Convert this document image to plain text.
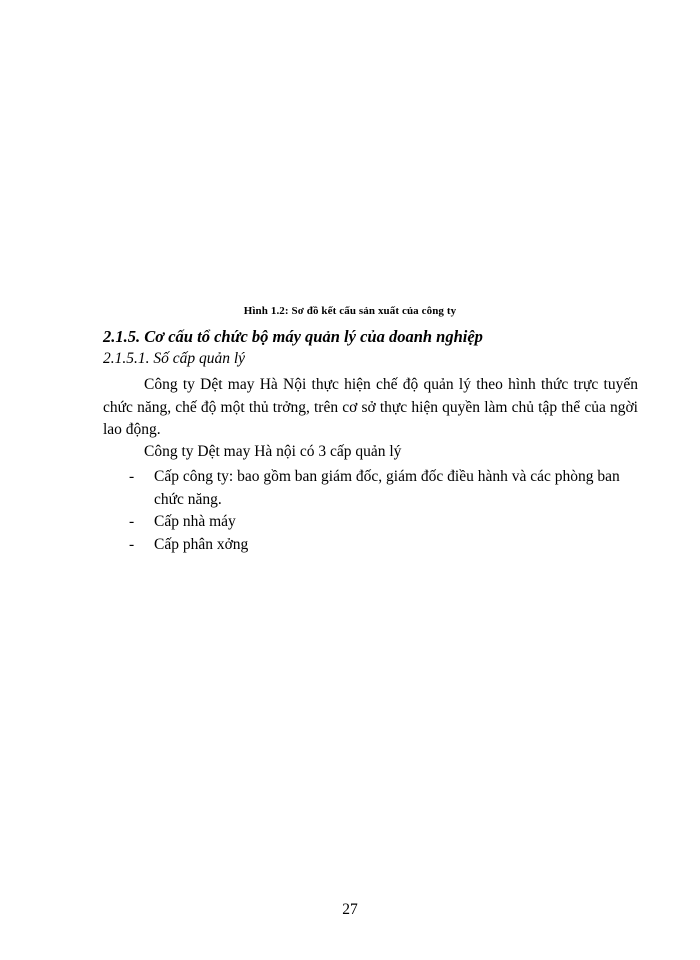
Hình 1.2: Sơ đồ kết cấu sản xuất của công ty
2.1.5. Cơ cấu tổ chức bộ máy quản lý của doanh nghiệp
2.1.5.1. Số cấp quản lý
Công ty Dệt may Hà Nội thực hiện chế độ quản lý theo hình thức trực tuyến chức năng, chế độ một thủ trởng, trên cơ sở thực hiện quyền làm chủ tập thể của ngời lao động.
Công ty Dệt may Hà nội có 3 cấp quản lý
- Cấp công ty: bao gồm ban giám đốc, giám đốc điều hành và các phòng ban chức năng.
- Cấp nhà máy
- Cấp phân xởng
27
